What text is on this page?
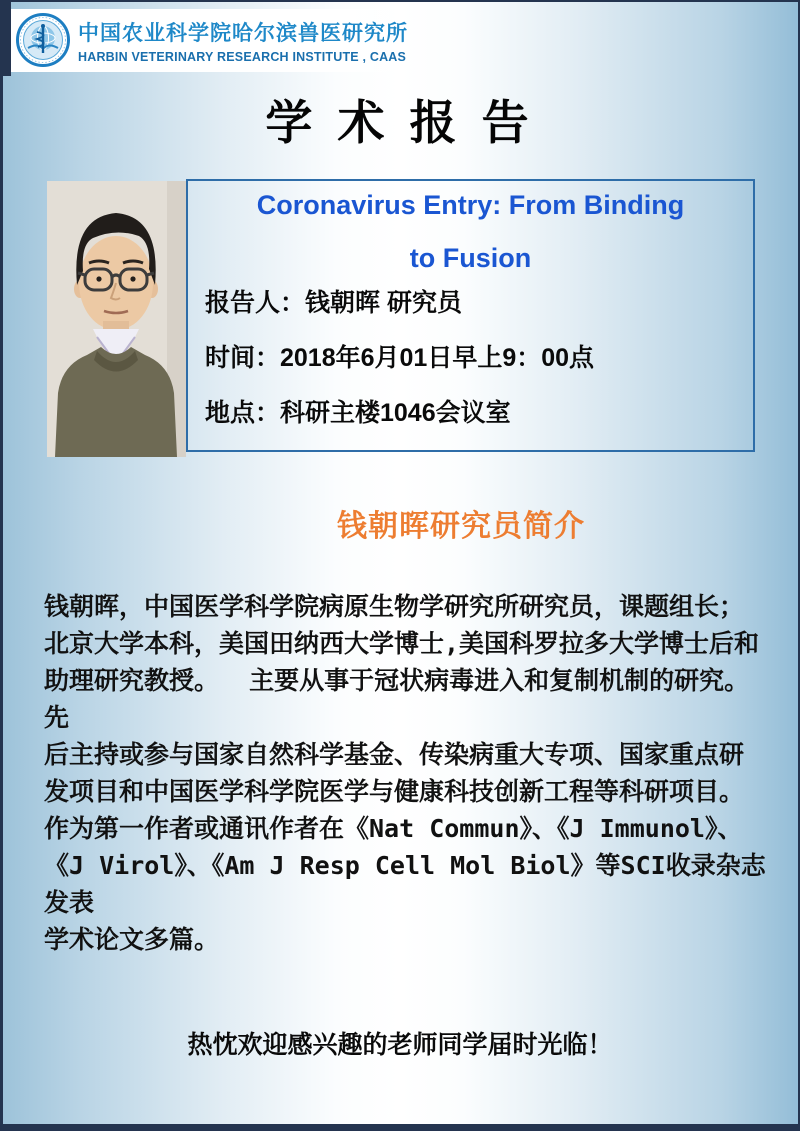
中国农业科学院哈尔滨兽医研究所
HARBIN VETERINARY RESEARCH INSTITUTE , CAAS
学 术 报 告
Coronavirus Entry: From Binding
to Fusion
报告人：钱朝晖 研究员
时间：2018年6月01日早上9：00点
地点：科研主楼1046会议室
钱朝晖研究员简介
钱朝晖，中国医学科学院病原生物学研究所研究员，课题组长；
北京大学本科，美国田纳西大学博士,美国科罗拉多大学博士后和
助理研究教授。  主要从事于冠状病毒进入和复制机制的研究。先
后主持或参与国家自然科学基金、传染病重大专项、国家重点研
发项目和中国医学科学院医学与健康科技创新工程等科研项目。
作为第一作者或通讯作者在《Nat Commun》、《J Immunol》、
《J Virol》、《Am J Resp Cell Mol Biol》等SCI收录杂志发表
学术论文多篇。
热忱欢迎感兴趣的老师同学届时光临！
